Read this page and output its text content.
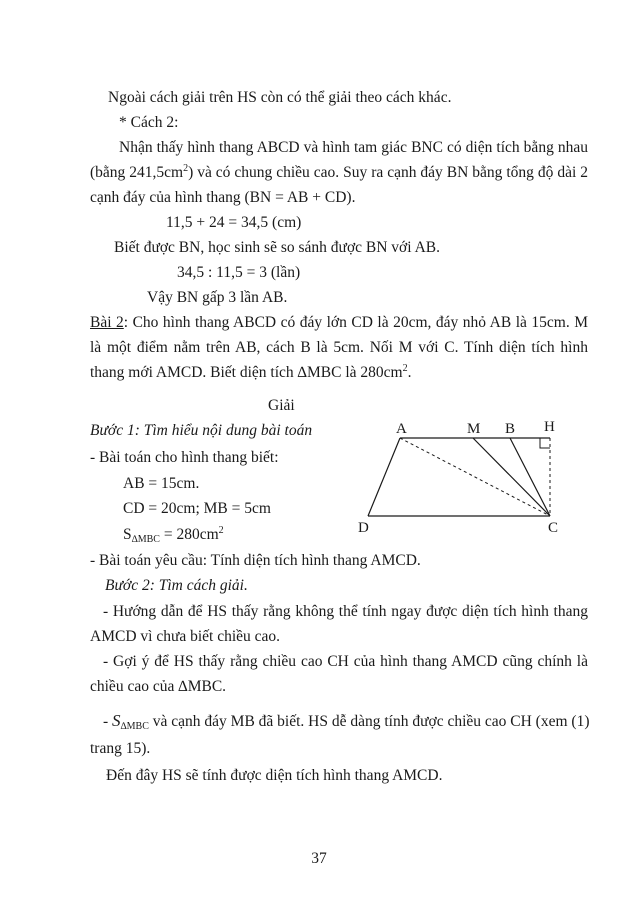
Ngoài cách giải trên HS còn có thể giải theo cách khác.
* Cách 2:
Nhận thấy hình thang ABCD và hình tam giác BNC có diện tích bằng nhau
(bằng $241,5cm^2$) và có chung chiều cao. Suy ra cạnh đáy BN bằng tổng độ dài 2
cạnh đáy của hình thang (BN = AB + CD).
11,5 + 24 = 34,5 (cm)
Biết được BN, học sinh sẽ so sánh được BN với AB.
34,5 : 11,5 = 3 (lần)
Vậy BN gấp 3 lần AB.
Bài 2: Cho hình thang ABCD có đáy lớn CD là 20cm, đáy nhỏ AB là 15cm. M
là một điểm nằm trên AB, cách B là 5cm. Nối M với C. Tính diện tích hình
thang mới AMCD. Biết diện tích ∆MBC là $280cm^2$.
Giải
Bước 1: Tìm hiểu nội dung bài toán
- Bài toán cho hình thang biết:
AB = 15cm.
CD = 20cm; MB = 5cm
$S_{\Delta MBC} = 280cm^2$
- Bài toán yêu cầu: Tính diện tích hình thang AMCD.
Bước 2: Tìm cách giải.
- Hướng dẫn để HS thấy rằng không thể tính ngay được diện tích hình thang
AMCD vì chưa biết chiều cao.
- Gợi ý để HS thấy rằng chiều cao CH của hình thang AMCD cũng chính là
chiều cao của ∆MBC.
- $S_{\Delta MBC}$ và cạnh đáy MB đã biết. HS dễ dàng tính được chiều cao CH (xem (1)
trang 15).
Đến đây HS sẽ tính được diện tích hình thang AMCD.
A	M B H
D	C
37
